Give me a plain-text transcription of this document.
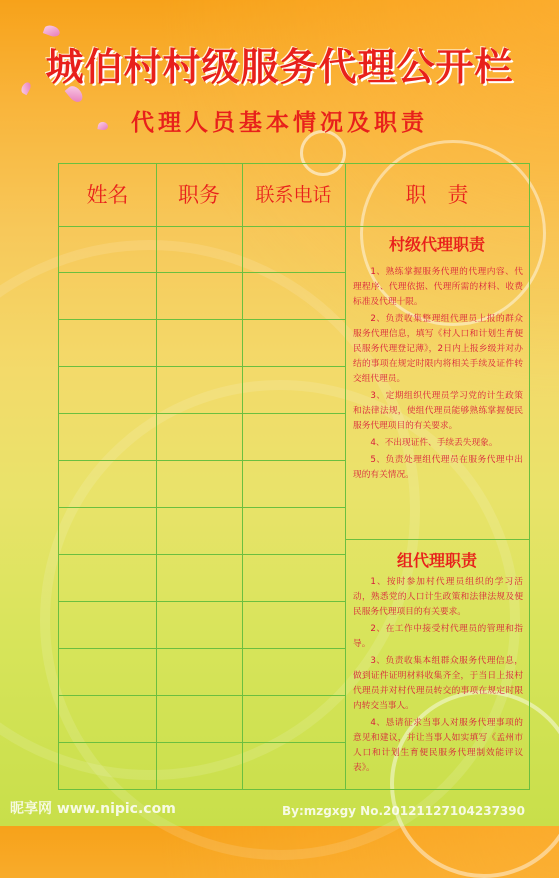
城伯村村级服务代理公开栏
代理人员基本情况及职责
姓名	职务	联系电话	职　责
村级代理职责
1、熟练掌握服务代理的代理内容、代理程序、代理依据、代理所需的材料、收费标准及代理十限。
2、负责收集整理组代理员上报的群众服务代理信息，填写《村人口和计划生育便民服务代理登记薄》，2日内上报乡级并对办结的事项在规定时限内将相关手续及证件转交组代理员。
3、定期组织代理员学习党的计生政策和法律法规，使组代理员能够熟练掌握便民服务代理项目的有关要求。
4、不出现证件、手续丢失现象。
5、负责处理组代理员在服务代理中出现的有关情况。
组代理职责
1、按时参加村代理员组织的学习活动，熟悉党的人口计生政策和法律法规及便民服务代理项目的有关要求。
2、在工作中接受村代理员的管理和指导。
3、负责收集本组群众服务代理信息，做到证件证明材料收集齐全，于当日上报村代理员并对村代理员转交的事项在规定时限内转交当事人。
4、恳请征求当事人对服务代理事项的意见和建议，并让当事人如实填写《孟州市人口和计划生育便民服务代理制效能评议表》。
昵享网 www.nipic.com	By:mzgxgy No.20121127104237390
